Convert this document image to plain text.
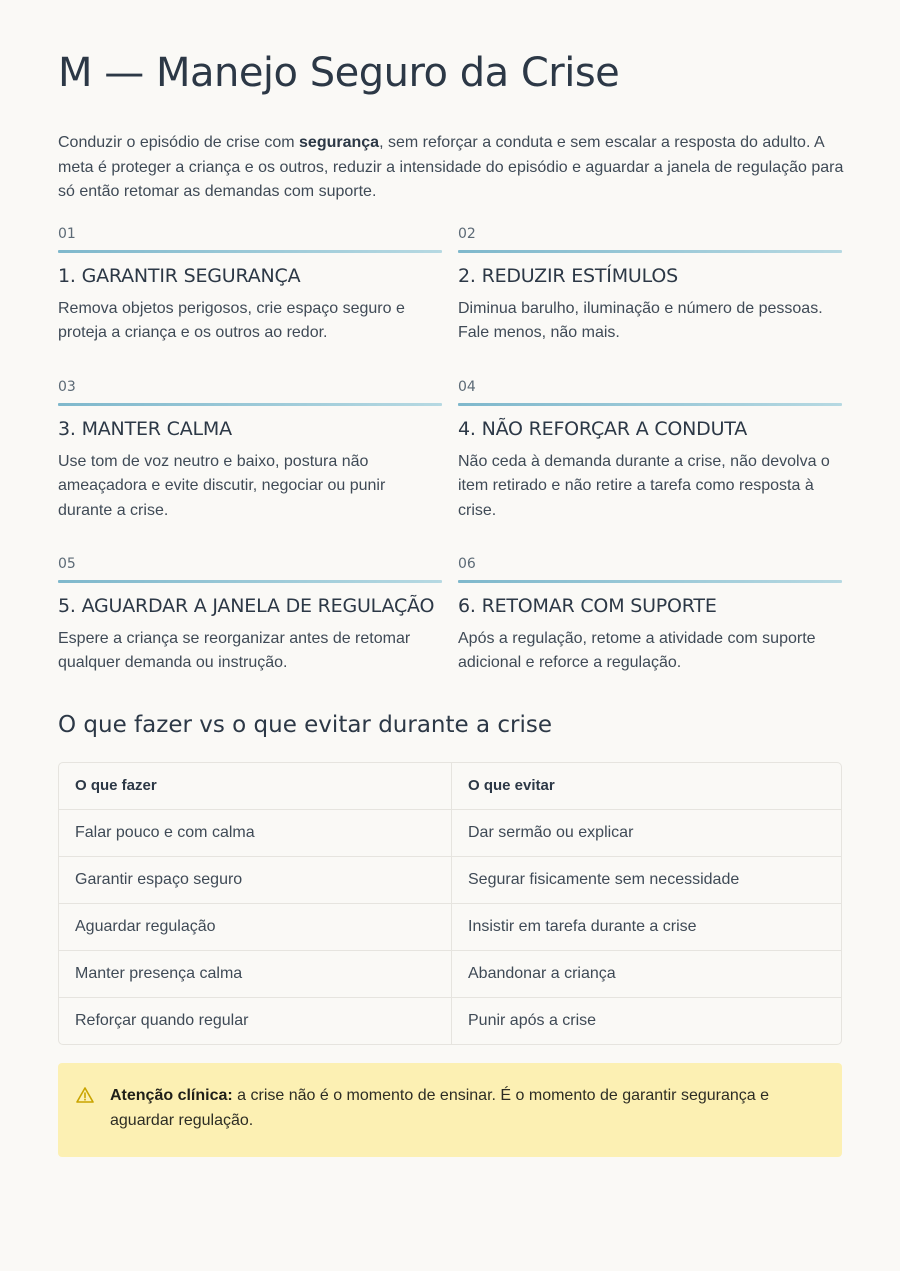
M — Manejo Seguro da Crise

Conduzir o episódio de crise com segurança, sem reforçar a conduta e sem escalar a resposta do adulto. A meta é proteger a criança e os outros, reduzir a intensidade do episódio e aguardar a janela de regulação para só então retomar as demandas com suporte.

01
1. GARANTIR SEGURANÇA
Remova objetos perigosos, crie espaço seguro e proteja a criança e os outros ao redor.
02
2. REDUZIR ESTÍMULOS
Diminua barulho, iluminação e número de pessoas. Fale menos, não mais.
03
3. MANTER CALMA
Use tom de voz neutro e baixo, postura não ameaçadora e evite discutir, negociar ou punir durante a crise.
04
4. NÃO REFORÇAR A CONDUTA
Não ceda à demanda durante a crise, não devolva o item retirado e não retire a tarefa como resposta à crise.
05
5. AGUARDAR A JANELA DE REGULAÇÃO
Espere a criança se reorganizar antes de retomar qualquer demanda ou instrução.
06
6. RETOMAR COM SUPORTE
Após a regulação, retome a atividade com suporte adicional e reforce a regulação.
O que fazer vs o que evitar durante a crise
O que fazer	O que evitar
Falar pouco e com calma	Dar sermão ou explicar
Garantir espaço seguro	Segurar fisicamente sem necessidade
Aguardar regulação	Insistir em tarefa durante a crise
Manter presença calma	Abandonar a criança
Reforçar quando regular	Punir após a crise
Atenção clínica: a crise não é o momento de ensinar. É o momento de garantir segurança e aguardar regulação.
